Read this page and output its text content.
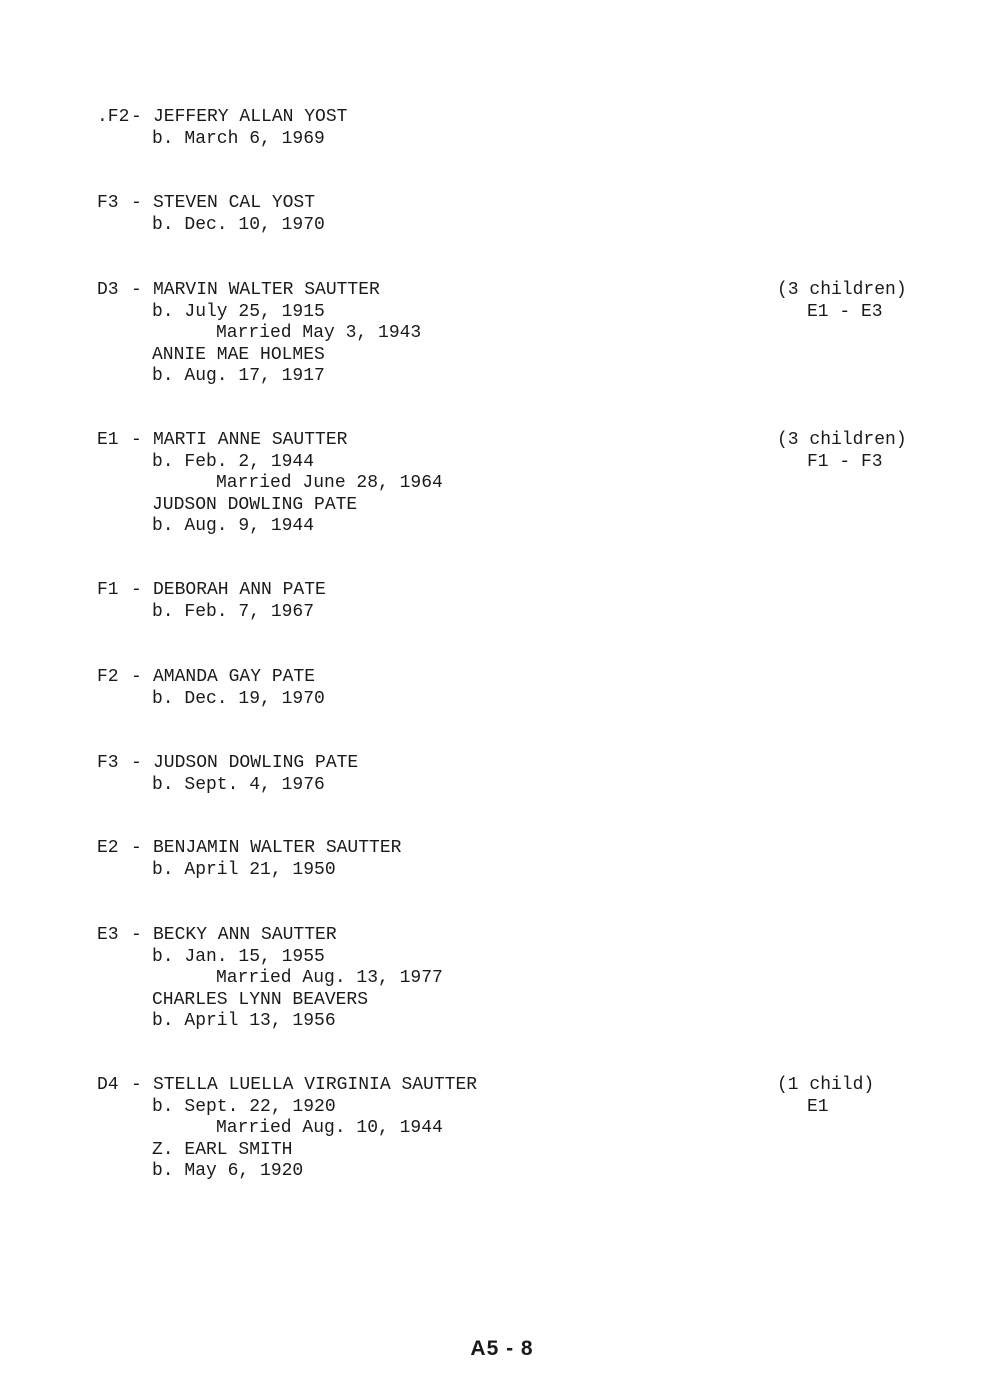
.F2- JEFFERY ALLAN YOST
b. March 6, 1969
F3 - STEVEN CAL YOST
b. Dec. 10, 1970
D3 - MARVIN WALTER SAUTTER
b. July 25, 1915
Married May 3, 1943
ANNIE MAE HOLMES
b. Aug. 17, 1917
(3 children)
E1 - E3
E1 - MARTI ANNE SAUTTER
b. Feb. 2, 1944
Married June 28, 1964
JUDSON DOWLING PATE
b. Aug. 9, 1944
(3 children)
F1 - F3
F1 - DEBORAH ANN PATE
b. Feb. 7, 1967
F2 - AMANDA GAY PATE
b. Dec. 19, 1970
F3 - JUDSON DOWLING PATE
b. Sept. 4, 1976
E2 - BENJAMIN WALTER SAUTTER
b. April 21, 1950
E3 - BECKY ANN SAUTTER
b. Jan. 15, 1955
Married Aug. 13, 1977
CHARLES LYNN BEAVERS
b. April 13, 1956
D4 - STELLA LUELLA VIRGINIA SAUTTER
b. Sept. 22, 1920
Married Aug. 10, 1944
Z. EARL SMITH
b. May 6, 1920
(1 child)
E1
A5 - 8
